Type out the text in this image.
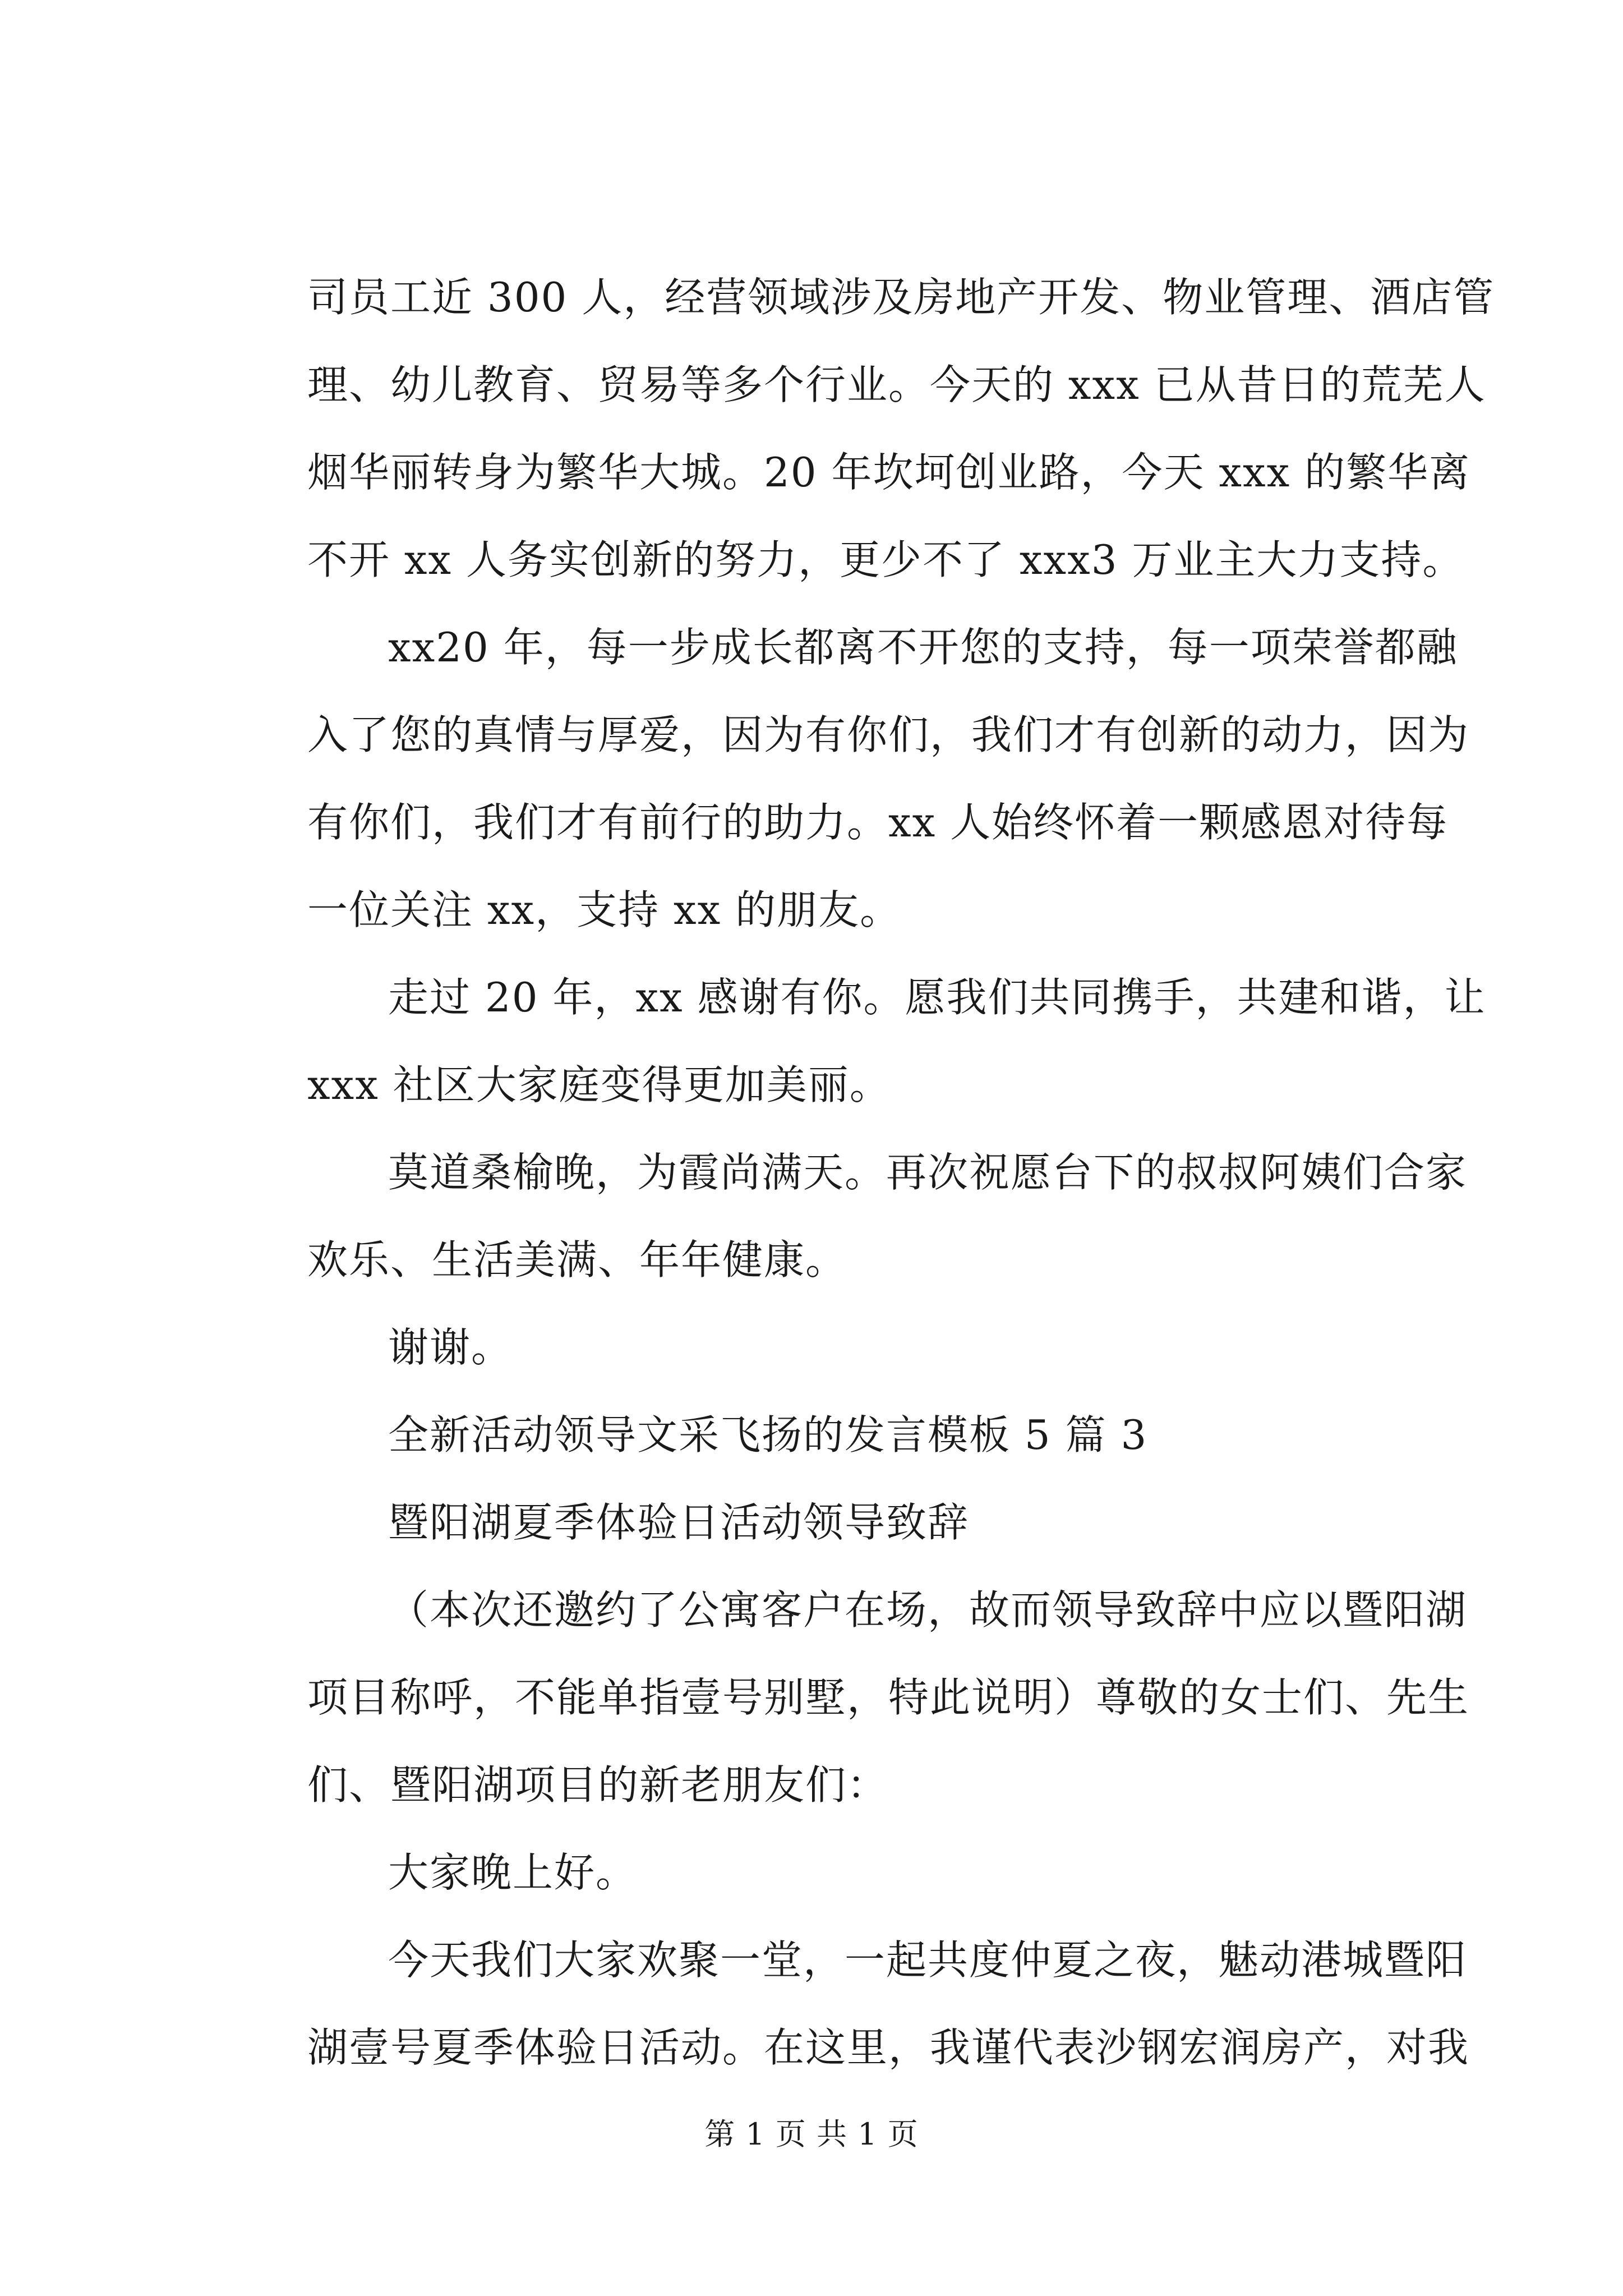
司员工近 300 人，经营领域涉及房地产开发、物业管理、酒店管
理、幼儿教育、贸易等多个行业。今天的 xxx 已从昔日的荒芜人
烟华丽转身为繁华大城。20 年坎坷创业路，今天 xxx 的繁华离
不开 xx 人务实创新的努力，更少不了 xxx3 万业主大力支持。
xx20 年，每一步成长都离不开您的支持，每一项荣誉都融
入了您的真情与厚爱，因为有你们，我们才有创新的动力，因为
有你们，我们才有前行的助力。xx 人始终怀着一颗感恩对待每
一位关注 xx，支持 xx 的朋友。
走过 20 年，xx 感谢有你。愿我们共同携手，共建和谐，让
xxx 社区大家庭变得更加美丽。
莫道桑榆晚，为霞尚满天。再次祝愿台下的叔叔阿姨们合家
欢乐、生活美满、年年健康。
谢谢。
全新活动领导文采飞扬的发言模板 5 篇 3
暨阳湖夏季体验日活动领导致辞
（本次还邀约了公寓客户在场，故而领导致辞中应以暨阳湖
项目称呼，不能单指壹号别墅，特此说明）尊敬的女士们、先生
们、暨阳湖项目的新老朋友们：
大家晚上好。
今天我们大家欢聚一堂，一起共度仲夏之夜，魅动港城暨阳
湖壹号夏季体验日活动。在这里，我谨代表沙钢宏润房产，对我
第 1 页 共 1 页
